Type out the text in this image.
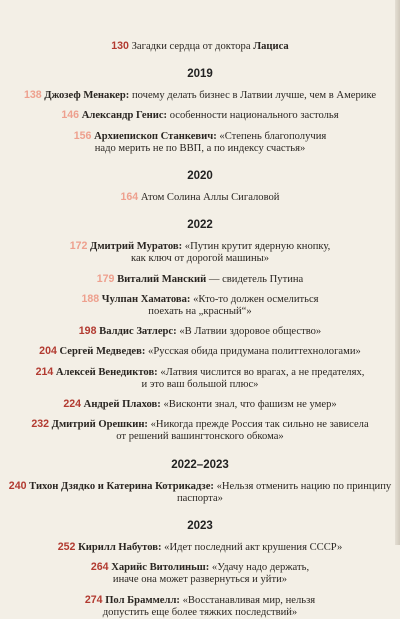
130 Загадки сердца от доктора Лациса
2019
138 Джозеф Менакер: почему делать бизнес в Латвии лучше, чем в Америке
146 Александр Генис: особенности национального застолья
156 Архиепископ Станкевич: «Степень благополучия
надо мерить не по ВВП, а по индексу счастья»
2020
164 Атом Солина Аллы Сигаловой
2022
172 Дмитрий Муратов: «Путин крутит ядерную кнопку,
как ключ от дорогой машины»
179 Виталий Манский — свидетель Путина
188 Чулпан Хаматова: «Кто-то должен осмелиться
поехать на „красный“»
198 Валдис Затлерс: «В Латвии здоровое общество»
204 Сергей Медведев: «Русская обида придумана политтехнологами»
214 Алексей Венедиктов: «Латвия числится во врагах, а не предателях,
и это ваш большой плюс»
224 Андрей Плахов: «Висконти знал, что фашизм не умер»
232 Дмитрий Орешкин: «Никогда прежде Россия так сильно не зависела
от решений вашингтонского обкома»
2022–2023
240 Тихон Дзядко и Катерина Котрикадзе: «Нельзя отменить нацию по принципу паспорта»
2023
252 Кирилл Набутов: «Идет последний акт крушения СССР»
264 Харийс Витолиньш: «Удачу надо держать,
иначе она может развернуться и уйти»
274 Пол Браммелл: «Восстанавливая мир, нельзя
допустить еще более тяжких последствий»
